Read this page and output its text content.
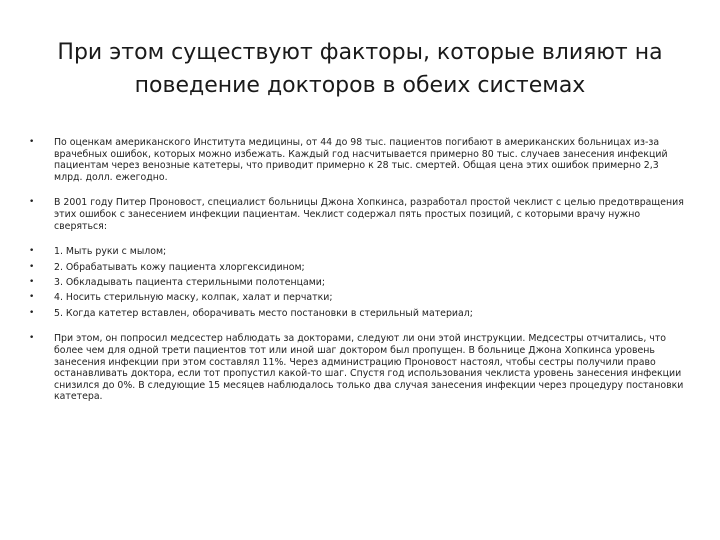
При этом существуют факторы, которые влияют на
поведение докторов в обеих системах
•	По оценкам американского Института медицины, от 44 до 98 тыс. пациентов погибают в американских больницах из-за врачебных ошибок, которых можно избежать. Каждый год насчитывается примерно 80 тыс. случаев занесения инфекций пациентам через венозные катетеры, что приводит примерно к 28 тыс. смертей. Общая цена этих ошибок примерно 2,3 млрд. долл. ежегодно.
•	В 2001 году Питер Проновост, специалист больницы Джона Хопкинса, разработал простой чеклист с целью предотвращения этих ошибок с занесением инфекции пациентам. Чеклист содержал пять простых позиций, с которыми врачу нужно сверяться:
•	1. Мыть руки с мылом;
•	2. Обрабатывать кожу пациента хлоргексидином;
•	3. Обкладывать пациента стерильными полотенцами;
•	4. Носить стерильную маску, колпак, халат и перчатки;
•	5. Когда катетер вставлен, оборачивать место постановки в стерильный материал;
•	При этом, он попросил медсестер наблюдать за докторами, следуют ли они этой инструкции. Медсестры отчитались, что более чем для одной трети пациентов тот или иной шаг доктором был пропущен. В больнице Джона Хопкинса уровень занесения инфекции при этом составлял 11%. Через администрацию Проновост настоял, чтобы сестры получили право останавливать доктора, если тот пропустил какой-то шаг. Спустя год использования чеклиста уровень занесения инфекции снизился до 0%. В следующие 15 месяцев наблюдалось только два случая занесения инфекции через процедуру постановки катетера.
